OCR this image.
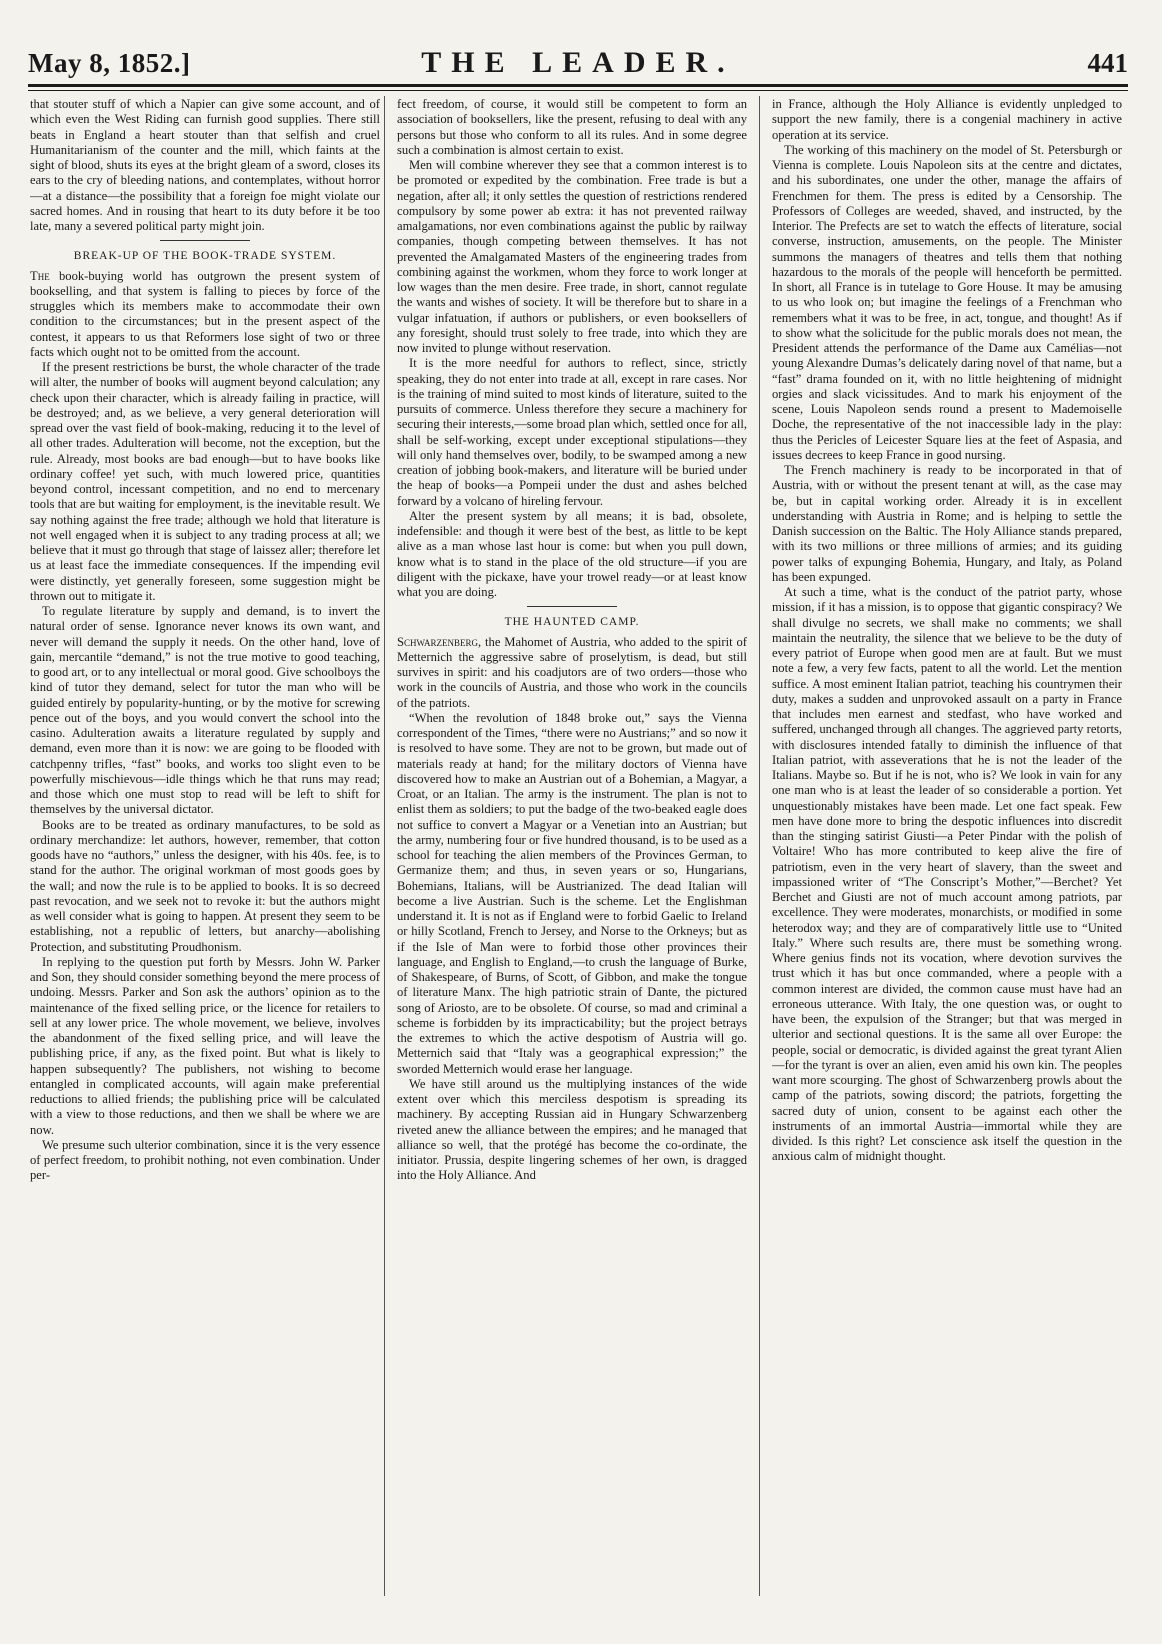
May 8, 1852.]	THE LEADER.	441

that stouter stuff of which a Napier can give some account, and of which even the West Riding can furnish good supplies. There still beats in England a heart stouter than that selfish and cruel Humanitarianism of the counter and the mill, which faints at the sight of blood, shuts its eyes at the bright gleam of a sword, closes its ears to the cry of bleeding nations, and contemplates, without horror—at a distance—the possibility that a foreign foe might violate our sacred homes. And in rousing that heart to its duty before it be too late, many a severed political party might join.

BREAK-UP OF THE BOOK-TRADE SYSTEM.

The book-buying world has outgrown the present system of bookselling, and that system is falling to pieces by force of the struggles which its members make to accommodate their own condition to the circumstances; but in the present aspect of the contest, it appears to us that Reformers lose sight of two or three facts which ought not to be omitted from the account.

If the present restrictions be burst, the whole character of the trade will alter, the number of books will augment beyond calculation; any check upon their character, which is already failing in practice, will be destroyed; and, as we believe, a very general deterioration will spread over the vast field of book-making, reducing it to the level of all other trades. Adulteration will become, not the exception, but the rule. Already, most books are bad enough—but to have books like ordinary coffee! yet such, with much lowered price, quantities beyond control, incessant competition, and no end to mercenary tools that are but waiting for employment, is the inevitable result. We say nothing against the free trade; although we hold that literature is not well engaged when it is subject to any trading process at all; we believe that it must go through that stage of laissez aller; therefore let us at least face the immediate consequences. If the impending evil were distinctly, yet generally foreseen, some suggestion might be thrown out to mitigate it.

To regulate literature by supply and demand, is to invert the natural order of sense. Ignorance never knows its own want, and never will demand the supply it needs. On the other hand, love of gain, mercantile “demand,” is not the true motive to good teaching, to good art, or to any intellectual or moral good. Give schoolboys the kind of tutor they demand, select for tutor the man who will be guided entirely by popularity-hunting, or by the motive for screwing pence out of the boys, and you would convert the school into the casino. Adulteration awaits a literature regulated by supply and demand, even more than it is now: we are going to be flooded with catchpenny trifles, “fast” books, and works too slight even to be powerfully mischievous—idle things which he that runs may read; and those which one must stop to read will be left to shift for themselves by the universal dictator.

Books are to be treated as ordinary manufactures, to be sold as ordinary merchandize: let authors, however, remember, that cotton goods have no “authors,” unless the designer, with his 40s. fee, is to stand for the author. The original workman of most goods goes by the wall; and now the rule is to be applied to books. It is so decreed past revocation, and we seek not to revoke it: but the authors might as well consider what is going to happen. At present they seem to be establishing, not a republic of letters, but anarchy—abolishing Protection, and substituting Proudhonism.

In replying to the question put forth by Messrs. John W. Parker and Son, they should consider something beyond the mere process of undoing. Messrs. Parker and Son ask the authors’ opinion as to the maintenance of the fixed selling price, or the licence for retailers to sell at any lower price. The whole movement, we believe, involves the abandonment of the fixed selling price, and will leave the publishing price, if any, as the fixed point. But what is likely to happen subsequently? The publishers, not wishing to become entangled in complicated accounts, will again make preferential reductions to allied friends; the publishing price will be calculated with a view to those reductions, and then we shall be where we are now.

We presume such ulterior combination, since it is the very essence of perfect freedom, to prohibit nothing, not even combination. Under per-

fect freedom, of course, it would still be competent to form an association of booksellers, like the present, refusing to deal with any persons but those who conform to all its rules. And in some degree such a combination is almost certain to exist.

Men will combine wherever they see that a common interest is to be promoted or expedited by the combination. Free trade is but a negation, after all; it only settles the question of restrictions rendered compulsory by some power ab extra: it has not prevented railway amalgamations, nor even combinations against the public by railway companies, though competing between themselves. It has not prevented the Amalgamated Masters of the engineering trades from combining against the workmen, whom they force to work longer at low wages than the men desire. Free trade, in short, cannot regulate the wants and wishes of society. It will be therefore but to share in a vulgar infatuation, if authors or publishers, or even booksellers of any foresight, should trust solely to free trade, into which they are now invited to plunge without reservation.

It is the more needful for authors to reflect, since, strictly speaking, they do not enter into trade at all, except in rare cases. Nor is the training of mind suited to most kinds of literature, suited to the pursuits of commerce. Unless therefore they secure a machinery for securing their interests,—some broad plan which, settled once for all, shall be self-working, except under exceptional stipulations—they will only hand themselves over, bodily, to be swamped among a new creation of jobbing book-makers, and literature will be buried under the heap of books—a Pompeii under the dust and ashes belched forward by a volcano of hireling fervour.

Alter the present system by all means; it is bad, obsolete, indefensible: and though it were best of the best, as little to be kept alive as a man whose last hour is come: but when you pull down, know what is to stand in the place of the old structure—if you are diligent with the pickaxe, have your trowel ready—or at least know what you are doing.

THE HAUNTED CAMP.

Schwarzenberg, the Mahomet of Austria, who added to the spirit of Metternich the aggressive sabre of proselytism, is dead, but still survives in spirit: and his coadjutors are of two orders—those who work in the councils of Austria, and those who work in the councils of the patriots.

“When the revolution of 1848 broke out,” says the Vienna correspondent of the Times, “there were no Austrians;” and so now it is resolved to have some. They are not to be grown, but made out of materials ready at hand; for the military doctors of Vienna have discovered how to make an Austrian out of a Bohemian, a Magyar, a Croat, or an Italian. The army is the instrument. The plan is not to enlist them as soldiers; to put the badge of the two-beaked eagle does not suffice to convert a Magyar or a Venetian into an Austrian; but the army, numbering four or five hundred thousand, is to be used as a school for teaching the alien members of the Provinces German, to Germanize them; and thus, in seven years or so, Hungarians, Bohemians, Italians, will be Austrianized. The dead Italian will become a live Austrian. Such is the scheme. Let the Englishman understand it. It is not as if England were to forbid Gaelic to Ireland or hilly Scotland, French to Jersey, and Norse to the Orkneys; but as if the Isle of Man were to forbid those other provinces their language, and English to England,—to crush the language of Burke, of Shakespeare, of Burns, of Scott, of Gibbon, and make the tongue of literature Manx. The high patriotic strain of Dante, the pictured song of Ariosto, are to be obsolete. Of course, so mad and criminal a scheme is forbidden by its impracticability; but the project betrays the extremes to which the active despotism of Austria will go. Metternich said that “Italy was a geographical expression;” the sworded Metternich would erase her language.

We have still around us the multiplying instances of the wide extent over which this merciless despotism is spreading its machinery. By accepting Russian aid in Hungary Schwarzenberg riveted anew the alliance between the empires; and he managed that alliance so well, that the protégé has become the co-ordinate, the initiator. Prussia, despite lingering schemes of her own, is dragged into the Holy Alliance. And

in France, although the Holy Alliance is evidently unpledged to support the new family, there is a congenial machinery in active operation at its service.

The working of this machinery on the model of St. Petersburgh or Vienna is complete. Louis Napoleon sits at the centre and dictates, and his subordinates, one under the other, manage the affairs of Frenchmen for them. The press is edited by a Censorship. The Professors of Colleges are weeded, shaved, and instructed, by the Interior. The Prefects are set to watch the effects of literature, social converse, instruction, amusements, on the people. The Minister summons the managers of theatres and tells them that nothing hazardous to the morals of the people will henceforth be permitted. In short, all France is in tutelage to Gore House. It may be amusing to us who look on; but imagine the feelings of a Frenchman who remembers what it was to be free, in act, tongue, and thought! As if to show what the solicitude for the public morals does not mean, the President attends the performance of the Dame aux Camélias—not young Alexandre Dumas’s delicately daring novel of that name, but a “fast” drama founded on it, with no little heightening of midnight orgies and slack vicissitudes. And to mark his enjoyment of the scene, Louis Napoleon sends round a present to Mademoiselle Doche, the representative of the not inaccessible lady in the play: thus the Pericles of Leicester Square lies at the feet of Aspasia, and issues decrees to keep France in good nursing.

The French machinery is ready to be incorporated in that of Austria, with or without the present tenant at will, as the case may be, but in capital working order. Already it is in excellent understanding with Austria in Rome; and is helping to settle the Danish succession on the Baltic. The Holy Alliance stands prepared, with its two millions or three millions of armies; and its guiding power talks of expunging Bohemia, Hungary, and Italy, as Poland has been expunged.

At such a time, what is the conduct of the patriot party, whose mission, if it has a mission, is to oppose that gigantic conspiracy? We shall divulge no secrets, we shall make no comments; we shall maintain the neutrality, the silence that we believe to be the duty of every patriot of Europe when good men are at fault. But we must note a few, a very few facts, patent to all the world. Let the mention suffice. A most eminent Italian patriot, teaching his countrymen their duty, makes a sudden and unprovoked assault on a party in France that includes men earnest and stedfast, who have worked and suffered, unchanged through all changes. The aggrieved party retorts, with disclosures intended fatally to diminish the influence of that Italian patriot, with asseverations that he is not the leader of the Italians. Maybe so. But if he is not, who is? We look in vain for any one man who is at least the leader of so considerable a portion. Yet unquestionably mistakes have been made. Let one fact speak. Few men have done more to bring the despotic influences into discredit than the stinging satirist Giusti—a Peter Pindar with the polish of Voltaire! Who has more contributed to keep alive the fire of patriotism, even in the very heart of slavery, than the sweet and impassioned writer of “The Conscript’s Mother,”—Berchet? Yet Berchet and Giusti are not of much account among patriots, par excellence. They were moderates, monarchists, or modified in some heterodox way; and they are of comparatively little use to “United Italy.” Where such results are, there must be something wrong. Where genius finds not its vocation, where devotion survives the trust which it has but once commanded, where a people with a common interest are divided, the common cause must have had an erroneous utterance. With Italy, the one question was, or ought to have been, the expulsion of the Stranger; but that was merged in ulterior and sectional questions. It is the same all over Europe: the people, social or democratic, is divided against the great tyrant Alien—for the tyrant is over an alien, even amid his own kin. The peoples want more scourging. The ghost of Schwarzenberg prowls about the camp of the patriots, sowing discord; the patriots, forgetting the sacred duty of union, consent to be against each other the instruments of an immortal Austria—immortal while they are divided. Is this right? Let conscience ask itself the question in the anxious calm of midnight thought.
